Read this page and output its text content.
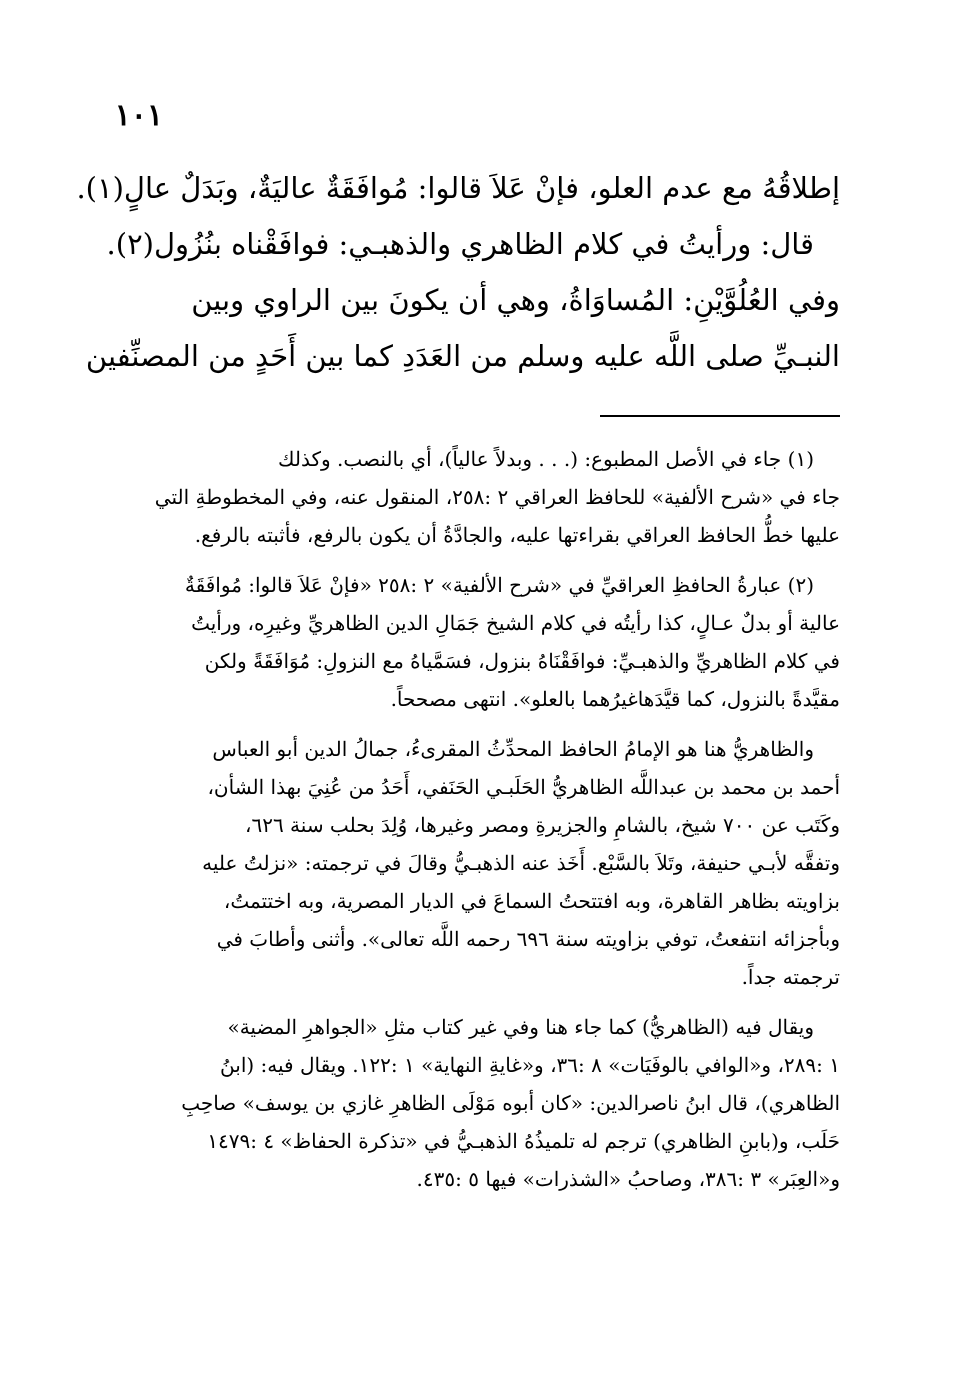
١٠١
إطلاقُهُ مع عدم العلو، فإنْ عَلاَ قالوا: مُوافَقَةٌ عاليَةٌ، وبَدَلٌ عالٍ(١).
قال: ورأيتُ في كلام الظاهري والذهبـي: فوافَقْناه بنُزُول(٢).
وفي العُلُوَّيْنِ: المُساوَاةُ، وهي أن يكونَ بين الراوي وبين
النبـيِّ صلى اللَّه عليه وسلم من العَدَدِ كما بين أَحَدٍ من المصنِّفين
(١) جاء في الأصل المطبوع: (. . . وبدلاً عالياً)، أي بالنصب. وكذلك
جاء في «شرح الألفية» للحافظ العراقي ٢ :٢٥٨، المنقول عنه، وفي المخطوطةِ التي
عليها خطُّ الحافظ العراقي بقراءتها عليه، والجادَّةُ أن يكون بالرفع، فأثبته بالرفع.
(٢) عبارةُ الحافظِ العراقيِّ في «شرح الألفية» ٢ :٢٥٨ «فإنْ عَلاَ قالوا: مُوافَقَةٌ
عالية أو بدلٌ عـالٍ، كذا رأيتُه في كلام الشيخ جَمَالِ الدين الظاهريِّ وغيرِه، ورأيتُ
في كلام الظاهريِّ والذهبـيِّ: فوافَقْنَاهُ بنزول، فسَمَّياهُ مع النزولِ: مُوَافَقَةً ولكن
مقيَّدةً بالنزول، كما قيَّدَهاغيرُهما بالعلو». انتهى مصححاً.
والظاهريُّ هنا هو الإمامُ الحافظ المحدِّثُ المقرىءُ، جمالُ الدين أبو العباس
أحمد بن محمد بن عبداللَّه الظاهريُّ الحَلَبـي الحَنَفي، أَحَدُ من عُنِيَ بهذا الشأن،
وكَتَب عن ٧٠٠ شيخ، بالشامِ والجزيرةِ ومصر وغيرها، وُلِدَ بحلب سنة ٦٢٦،
وتفقَّه لأبـي حنيفة، وتَلاَ بالسَّبْع. أَخَذ عنه الذهبـيُّ وقالَ في ترجمته: «نزلتُ عليه
بزاويته بظاهر القاهرة، وبه افتتحتُ السماعَ في الديار المصرية، وبه اختتمتُ،
وبأجزائه انتفعتُ، توفي بزاويته سنة ٦٩٦ رحمه اللَّه تعالى». وأثنى وأطابَ في
ترجمته جداً.
ويقال فيه (الظاهريُّ) كما جاء هنا وفي غير كتاب مثلِ «الجواهرِ المضية»
١ :٢٨٩، و«الوافي بالوفَيَات» ٨ :٣٦، و«غايةِ النهاية» ١ :١٢٢. ويقال فيه: (ابنُ
الظاهري)، قال ابنُ ناصرالدين: «كان أبوه مَوْلَى الظاهرِ غازي بن يوسف» صاحِبِ
حَلَب، و(بابنِ الظاهري) ترجم له تلميذُهُ الذهبـيُّ في «تذكرة الحفاظ» ٤ :١٤٧٩
و«العِبَر» ٣ :٣٨٦، وصاحبُ «الشذرات» فيها ٥ :٤٣٥.
